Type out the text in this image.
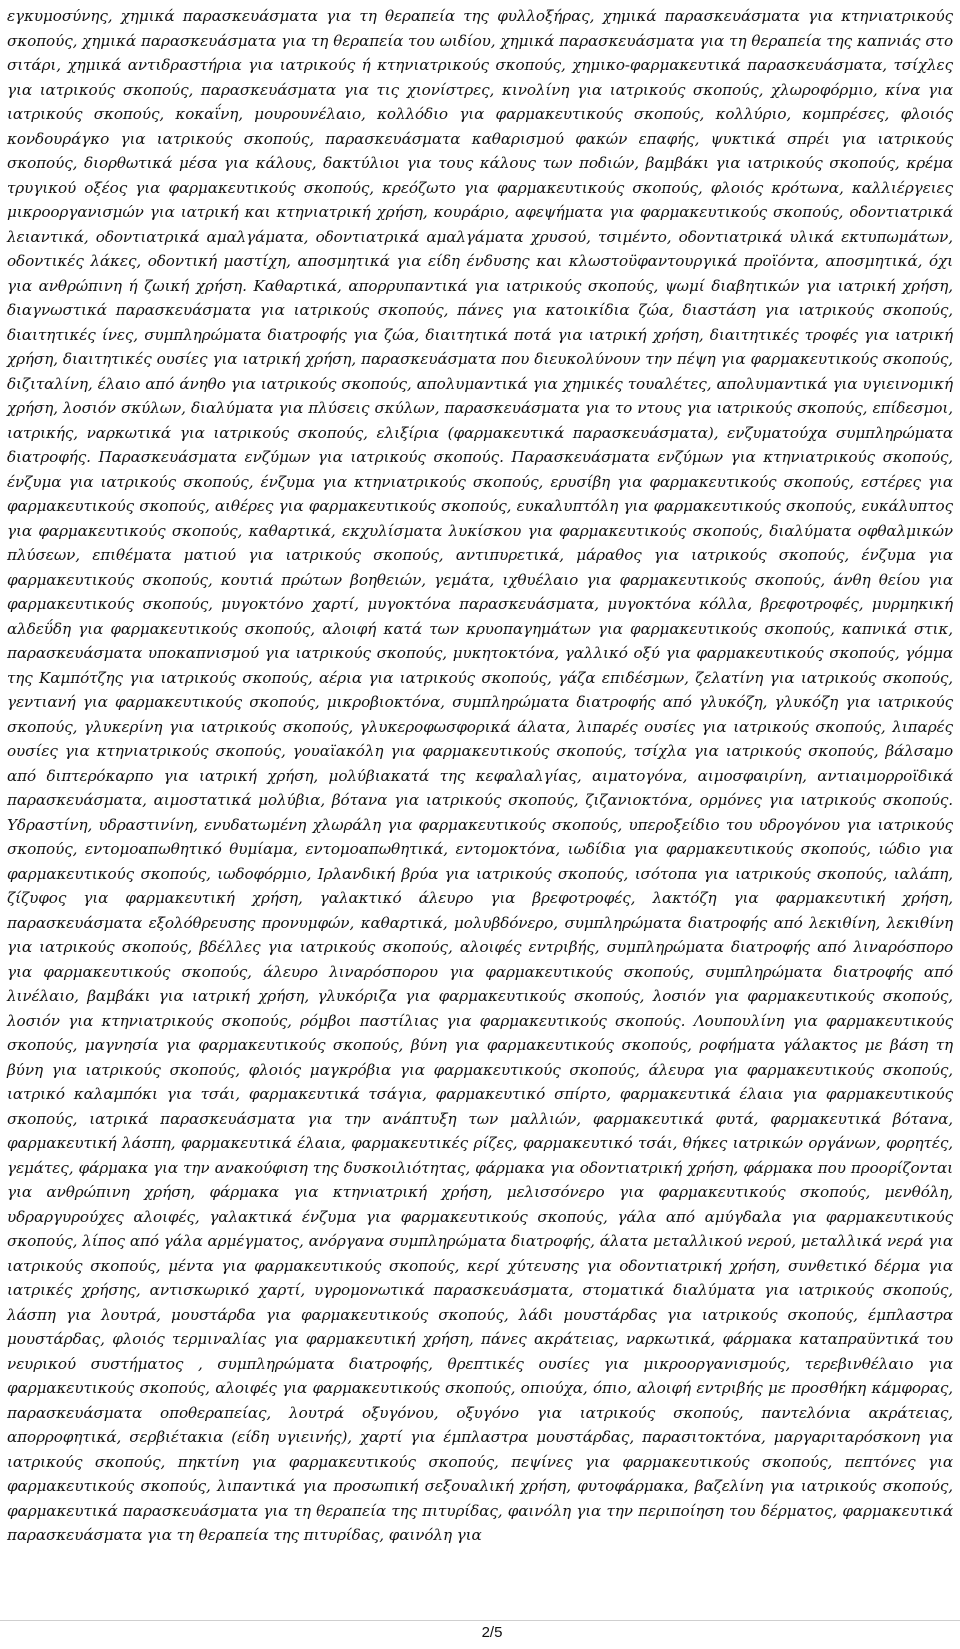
εγκυμοσύνης, χημικά παρασκευάσματα για τη θεραπεία της φυλλοξήρας, χημικά παρασκευάσματα για κτηνιατρικούς σκοπούς, χημικά παρασκευάσματα για τη θεραπεία του ωιδίου, χημικά παρασκευάσματα για τη θεραπεία της καπνιάς στο σιτάρι, χημικά αντιδραστήρια για ιατρικούς ή κτηνιατρικούς σκοπούς, χημικο-φαρμακευτικά παρασκευάσματα, τσίχλες για ιατρικούς σκοπούς, παρασκευάσματα για τις χιονίστρες, κινολίνη για ιατρικούς σκοπούς, χλωροφόρμιο, κίνα για ιατρικούς σκοπούς, κοκαΐνη, μουρουνέλαιο, κολλόδιο για φαρμακευτικούς σκοπούς, κολλύριο, κομπρέσες, φλοιός κονδουράγκο για ιατρικούς σκοπούς, παρασκευάσματα καθαρισμού φακών επαφής, ψυκτικά σπρέι για ιατρικούς σκοπούς, διορθωτικά μέσα για κάλους, δακτύλιοι για τους κάλους των ποδιών, βαμβάκι για ιατρικούς σκοπούς, κρέμα τρυγικού οξέος για φαρμακευτικούς σκοπούς, κρεόζωτο για φαρμακευτικούς σκοπούς, φλοιός κρότωνα, καλλιέργειες μικροοργανισμών για ιατρική και κτηνιατρική χρήση, κουράριο, αφεψήματα για φαρμακευτικούς σκοπούς, οδοντιατρικά λειαντικά, οδοντιατρικά αμαλγάματα, οδοντιατρικά αμαλγάματα χρυσού, τσιμέντο, οδοντιατρικά υλικά εκτυπωμάτων, οδοντικές λάκες, οδοντική μαστίχη, αποσμητικά για είδη ένδυσης και κλωστοϋφαντουργικά προϊόντα, αποσμητικά, όχι για ανθρώπινη ή ζωική χρήση. Καθαρτικά, απορρυπαντικά για ιατρικούς σκοπούς, ψωμί διαβητικών για ιατρική χρήση, διαγνωστικά παρασκευάσματα για ιατρικούς σκοπούς, πάνες για κατοικίδια ζώα, διαστάση για ιατρικούς σκοπούς, διαιτητικές ίνες, συμπληρώματα διατροφής για ζώα, διαιτητικά ποτά για ιατρική χρήση, διαιτητικές τροφές για ιατρική χρήση, διαιτητικές ουσίες για ιατρική χρήση, παρασκευάσματα που διευκολύνουν την πέψη για φαρμακευτικούς σκοπούς, διζιταλίνη, έλαιο από άνηθο για ιατρικούς σκοπούς, απολυμαντικά για χημικές τουαλέτες, απολυμαντικά για υγιεινομική χρήση, λοσιόν σκύλων, διαλύματα για πλύσεις σκύλων, παρασκευάσματα για το ντους για ιατρικούς σκοπούς, επίδεσμοι, ιατρικής, ναρκωτικά για ιατρικούς σκοπούς, ελιξίρια (φαρμακευτικά παρασκευάσματα), ενζυματούχα συμπληρώματα διατροφής. Παρασκευάσματα ενζύμων για ιατρικούς σκοπούς. Παρασκευάσματα ενζύμων για κτηνιατρικούς σκοπούς, ένζυμα για ιατρικούς σκοπούς, ένζυμα για κτηνιατρικούς σκοπούς, ερυσίβη για φαρμακευτικούς σκοπούς, εστέρες για φαρμακευτικούς σκοπούς, αιθέρες για φαρμακευτικούς σκοπούς, ευκαλυπτόλη για φαρμακευτικούς σκοπούς, ευκάλυπτος για φαρμακευτικούς σκοπούς, καθαρτικά, εκχυλίσματα λυκίσκου για φαρμακευτικούς σκοπούς, διαλύματα οφθαλμικών πλύσεων, επιθέματα ματιού για ιατρικούς σκοπούς, αντιπυρετικά, μάραθος για ιατρικούς σκοπούς, ένζυμα για φαρμακευτικούς σκοπούς, κουτιά πρώτων βοηθειών, γεμάτα, ιχθυέλαιο για φαρμακευτικούς σκοπούς, άνθη θείου για φαρμακευτικούς σκοπούς, μυγοκτόνο χαρτί, μυγοκτόνα παρασκευάσματα, μυγοκτόνα κόλλα, βρεφοτροφές, μυρμηκική αλδεΰδη για φαρμακευτικούς σκοπούς, αλοιφή κατά των κρυοπαγημάτων για φαρμακευτικούς σκοπούς, καπνικά στικ, παρασκευάσματα υποκαπνισμού για ιατρικούς σκοπούς, μυκητοκτόνα, γαλλικό οξύ για φαρμακευτικούς σκοπούς, γόμμα της Καμπότζης για ιατρικούς σκοπούς, αέρια για ιατρικούς σκοπούς, γάζα επιδέσμων, ζελατίνη για ιατρικούς σκοπούς, γεντιανή για φαρμακευτικούς σκοπούς, μικροβιοκτόνα, συμπληρώματα διατροφής από γλυκόζη, γλυκόζη για ιατρικούς σκοπούς, γλυκερίνη για ιατρικούς σκοπούς, γλυκεροφωσφορικά άλατα, λιπαρές ουσίες για ιατρικούς σκοπούς, λιπαρές ουσίες για κτηνιατρικούς σκοπούς, γουαϊακόλη για φαρμακευτικούς σκοπούς, τσίχλα για ιατρικούς σκοπούς, βάλσαμο από διπτερόκαρπο για ιατρική χρήση, μολύβιακατά της κεφαλαλγίας, αιματογόνα, αιμοσφαιρίνη, αντιαιμορροϊδικά παρασκευάσματα, αιμοστατικά μολύβια, βότανα για ιατρικούς σκοπούς, ζιζανιοκτόνα, ορμόνες για ιατρικούς σκοπούς. Υδραστίνη, υδραστινίνη, ενυδατωμένη χλωράλη για φαρμακευτικούς σκοπούς, υπεροξείδιο του υδρογόνου για ιατρικούς σκοπούς, εντομοαπωθητικό θυμίαμα, εντομοαπωθητικά, εντομοκτόνα, ιωδίδια για φαρμακευτικούς σκοπούς, ιώδιο για φαρμακευτικούς σκοπούς, ιωδοφόρμιο, Ιρλανδική βρύα για ιατρικούς σκοπούς, ισότοπα για ιατρικούς σκοπούς, ιαλάπη, ζίζυφος για φαρμακευτική χρήση, γαλακτικό άλευρο για βρεφοτροφές, λακτόζη για φαρμακευτική χρήση, παρασκευάσματα εξολόθρευσης προνυμφών, καθαρτικά, μολυβδόνερο, συμπληρώματα διατροφής από λεκιθίνη, λεκιθίνη για ιατρικούς σκοπούς, βδέλλες για ιατρικούς σκοπούς, αλοιφές εντριβής, συμπληρώματα διατροφής από λιναρόσπορο για φαρμακευτικούς σκοπούς, άλευρο λιναρόσπορου για φαρμακευτικούς σκοπούς, συμπληρώματα διατροφής από λινέλαιο, βαμβάκι για ιατρική χρήση, γλυκόριζα για φαρμακευτικούς σκοπούς, λοσιόν για φαρμακευτικούς σκοπούς, λοσιόν για κτηνιατρικούς σκοπούς, ρόμβοι παστίλιας για φαρμακευτικούς σκοπούς. Λουπουλίνη για φαρμακευτικούς σκοπούς, μαγνησία για φαρμακευτικούς σκοπούς, βύνη για φαρμακευτικούς σκοπούς, ροφήματα γάλακτος με βάση τη βύνη για ιατρικούς σκοπούς, φλοιός μαγκρόβια για φαρμακευτικούς σκοπούς, άλευρα για φαρμακευτικούς σκοπούς, ιατρικό καλαμπόκι για τσάι, φαρμακευτικά τσάγια, φαρμακευτικό σπίρτο, φαρμακευτικά έλαια για φαρμακευτικούς σκοπούς, ιατρικά παρασκευάσματα για την ανάπτυξη των μαλλιών, φαρμακευτικά φυτά, φαρμακευτικά βότανα, φαρμακευτική λάσπη, φαρμακευτικά έλαια, φαρμακευτικές ρίζες, φαρμακευτικό τσάι, θήκες ιατρικών οργάνων, φορητές, γεμάτες, φάρμακα για την ανακούφιση της δυσκοιλιότητας, φάρμακα για οδοντιατρική χρήση, φάρμακα που προορίζονται για ανθρώπινη χρήση, φάρμακα για κτηνιατρική χρήση, μελισσόνερο για φαρμακευτικούς σκοπούς, μενθόλη, υδραργυρούχες αλοιφές, γαλακτικά ένζυμα για φαρμακευτικούς σκοπούς, γάλα από αμύγδαλα για φαρμακευτικούς σκοπούς, λίπος από γάλα αρμέγματος, ανόργανα συμπληρώματα διατροφής, άλατα μεταλλικού νερού, μεταλλικά νερά για ιατρικούς σκοπούς, μέντα για φαρμακευτικούς σκοπούς, κερί χύτευσης για οδοντιατρική χρήση, συνθετικό δέρμα για ιατρικές χρήσης, αντισκωρικό χαρτί, υγρομονωτικά παρασκευάσματα, στοματικά διαλύματα για ιατρικούς σκοπούς, λάσπη για λουτρά, μουστάρδα για φαρμακευτικούς σκοπούς, λάδι μουστάρδας για ιατρικούς σκοπούς, έμπλαστρα μουστάρδας, φλοιός τερμιναλίας για φαρμακευτική χρήση, πάνες ακράτειας, ναρκωτικά, φάρμακα καταπραϋντικά του νευρικού συστήματος , συμπληρώματα διατροφής, θρεπτικές ουσίες για μικροοργανισμούς, τερεβινθέλαιο για φαρμακευτικούς σκοπούς, αλοιφές για φαρμακευτικούς σκοπούς, οπιούχα, όπιο, αλοιφή εντριβής με προσθήκη κάμφορας, παρασκευάσματα οποθεραπείας, λουτρά οξυγόνου, οξυγόνο για ιατρικούς σκοπούς, παντελόνια ακράτειας, απορροφητικά, σερβιέτακια (είδη υγιεινής), χαρτί για έμπλαστρα μουστάρδας, παρασιτοκτόνα, μαργαριταρόσκονη για ιατρικούς σκοπούς, πηκτίνη για φαρμακευτικούς σκοπούς, πεψίνες για φαρμακευτικούς σκοπούς, πεπτόνες για φαρμακευτικούς σκοπούς, λιπαντικά για προσωπική σεξουαλική χρήση, φυτοφάρμακα, βαζελίνη για ιατρικούς σκοπούς, φαρμακευτικά παρασκευάσματα για τη θεραπεία της πιτυρίδας, φαινόλη για την περιποίηση του δέρματος, φαρμακευτικά παρασκευάσματα για τη θεραπεία της πιτυρίδας, φαινόλη για

2/5
